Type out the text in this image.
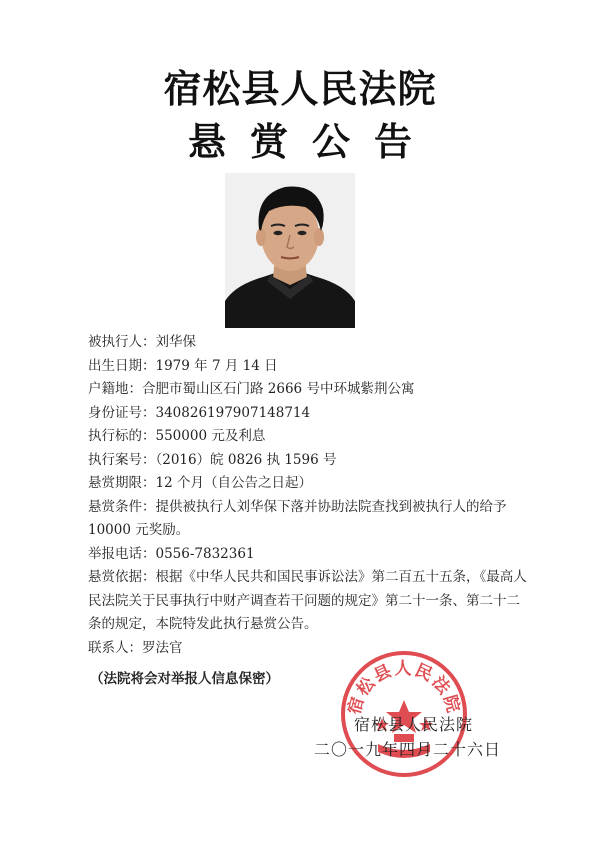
宿松县人民法院
悬赏公告
被执行人：刘华保
出生日期：1979 年 7 月 14 日
户籍地：合肥市蜀山区石门路 2666 号中环城紫荆公寓
身份证号：340826197907148714
执行标的：550000 元及利息
执行案号：（2016）皖 0826 执 1596 号
悬赏期限：12 个月（自公告之日起）
悬赏条件：提供被执行人刘华保下落并协助法院查找到被执行人的给予 10000 元奖励。
举报电话：0556-7832361
悬赏依据：根据《中华人民共和国民事诉讼法》第二百五十五条，《最高人民法院关于民事执行中财产调查若干问题的规定》第二十一条、第二十二条的规定，本院特发此执行悬赏公告。
联系人：罗法官
（法院将会对举报人信息保密）
宿松县人民法院
宿松县人民法院
二〇一九年四月二十六日
